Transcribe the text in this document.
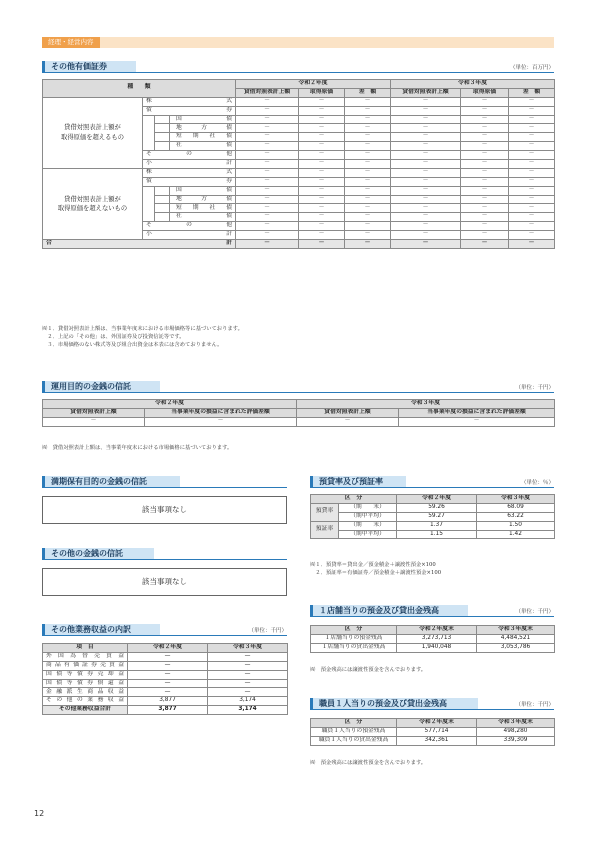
経理・経営内容
その他有価証券	（単位：百万円）
種　　類				令和２年度			令和３年度		
				貸借対照表計上額	取得原価	差　額	貸借対照表計上額	取得原価	差　額
貸借対照表計上額が
取得原価を超えるもの	株式			－	－	－	－	－	－
	債券			－	－	－	－	－	－
			国債	－	－	－	－	－	－
			地方債	－	－	－	－	－	－
			短期社債	－	－	－	－	－	－
			社債	－	－	－	－	－	－
	その他			－	－	－	－	－	－
	小計			－	－	－	－	－	－
貸借対照表計上額が
取得原価を超えないもの	株式			－	－	－	－	－	－
	債券			－	－	－	－	－	－
			国債	－	－	－	－	－	－
			地方債	－	－	－	－	－	－
			短期社債	－	－	－	－	－	－
			社債	－	－	－	－	－	－
	その他			－	－	－	－	－	－
	小計			－	－	－	－	－	－
合計				－	－	－	－	－	－
㈲１．貸借対照表計上額は、当事業年度末における市場価格等に基づいております。
　２．上記の「その他」は、外国証券及び投資信託等です。
　３．市場価格のない株式等及び組合出資金は本表には含めておりません。
運用目的の金銭の信託	（単位：千円）
令和２年度		令和３年度	
貸借対照表計上額	当事業年度の損益に含まれた評価差額	貸借対照表計上額	当事業年度の損益に含まれた評価差額
－	－	－	－
㈲　貸借対照表計上額は、当事業年度末における市場価格に基づいております。
満期保有目的の金銭の信託
該当事項なし
その他の金銭の信託
該当事項なし
その他業務収益の内訳	（単位：千円）
項　目	令和２年度	令和３年度
外国為替売買益	—	—
商品有価証券売買益	—	—
国債等債券売却益	—	—
国債等債券償還益	—	—
金融派生商品収益	—	—
その他の業務収益	3,877	3,174
その他業務収益合計	3,877	3,174
預貸率及び預証率	（単位：％）
区　分		令和２年度	令和３年度
預貸率	（期　　末）	59.26	68.09
	（期中平均）	59.27	63.22
預証率	（期　　末）	1.37	1.50
	（期中平均）	1.15	1.42
㈲１．預貸率＝貸出金／預金積金＋譲渡性預金×100
　２．預証率＝有価証券／預金積金＋譲渡性預金×100
１店舗当りの預金及び貸出金残高	（単位：千円）
区　分	令和２年度末	令和３年度末
１店舗当りの預金残高	3,273,713	4,484,521
１店舗当りの貸出金残高	1,940,048	3,053,786
㈲　預金残高には譲渡性預金を含んでおります。
職員１人当りの預金及び貸出金残高	（単位：千円）
区　分	令和２年度末	令和３年度末
職員１人当りの預金残高	577,714	498,280
職員１人当りの貸出金残高	342,361	339,309
㈲　預金残高には譲渡性預金を含んでおります。
12
